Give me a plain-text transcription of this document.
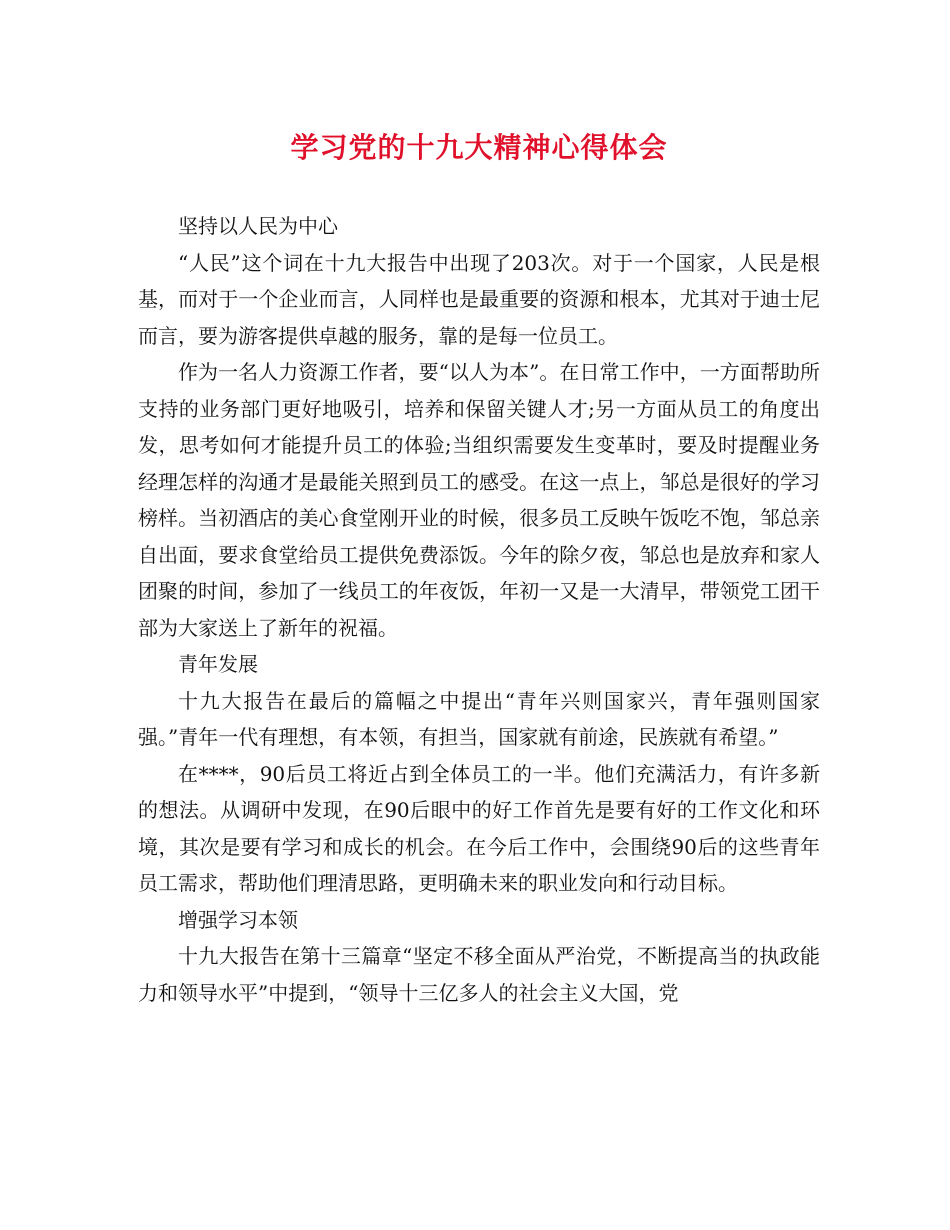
学习党的十九大精神心得体会

坚持以人民为中心

“人民”这个词在十九大报告中出现了203次。对于一个国家，人民是根基，而对于一个企业而言，人同样也是最重要的资源和根本，尤其对于迪士尼而言，要为游客提供卓越的服务，靠的是每一位员工。

作为一名人力资源工作者，要“以人为本”。在日常工作中，一方面帮助所支持的业务部门更好地吸引，培养和保留关键人才;另一方面从员工的角度出发，思考如何才能提升员工的体验;当组织需要发生变革时，要及时提醒业务经理怎样的沟通才是最能关照到员工的感受。在这一点上，邹总是很好的学习榜样。当初酒店的美心食堂刚开业的时候，很多员工反映午饭吃不饱，邹总亲自出面，要求食堂给员工提供免费添饭。今年的除夕夜，邹总也是放弃和家人团聚的时间，参加了一线员工的年夜饭，年初一又是一大清早，带领党工团干部为大家送上了新年的祝福。

青年发展

十九大报告在最后的篇幅之中提出“青年兴则国家兴，青年强则国家强。”青年一代有理想，有本领，有担当，国家就有前途，民族就有希望。”

在****，90后员工将近占到全体员工的一半。他们充满活力，有许多新的想法。从调研中发现，在90后眼中的好工作首先是要有好的工作文化和环境，其次是要有学习和成长的机会。在今后工作中，会围绕90后的这些青年员工需求，帮助他们理清思路，更明确未来的职业发向和行动目标。

增强学习本领

十九大报告在第十三篇章“坚定不移全面从严治党，不断提高当的执政能力和领导水平”中提到，“领导十三亿多人的社会主义大国，党
